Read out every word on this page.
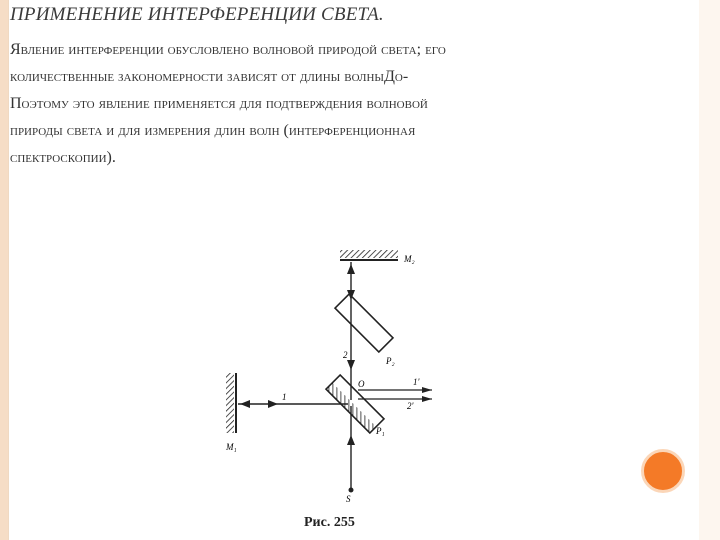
ПРИМЕНЕНИЕ ИНТЕРФЕРЕНЦИИ СВЕТА.
Явление интерференции обусловлено волновой природой света; его
количественные закономерности зависят от длины волныДо-
Поэтому это явление применяется для подтверждения волновой
природы света и для измерения длин волн (интерференционная
спектроскопии).
M₂
M₁
P₂
P₁
S
O
1
2
1'
2'
Рис. 255
